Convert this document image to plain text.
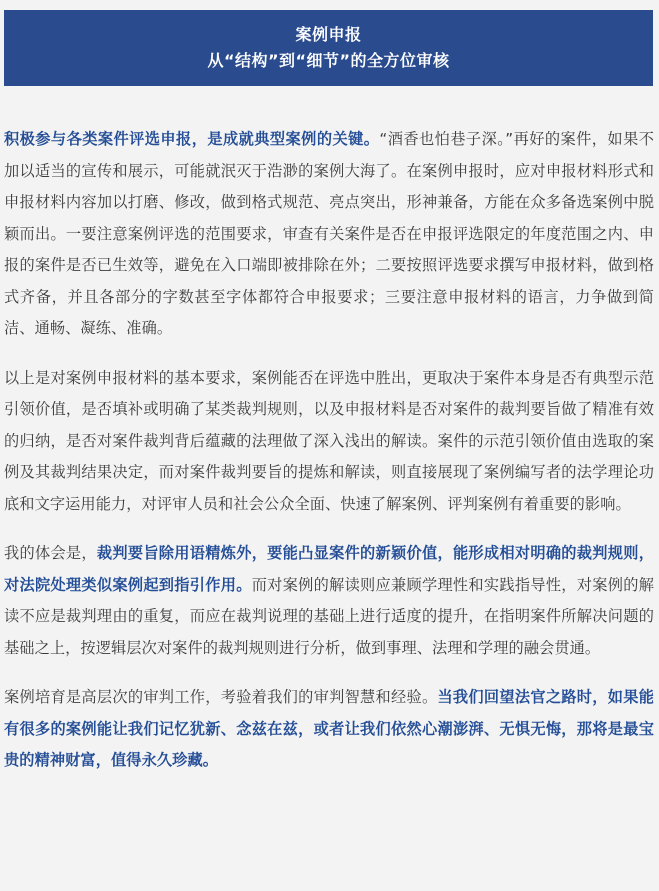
案例申报
从“结构”到“细节”的全方位审核

积极参与各类案件评选申报，是成就典型案例的关键。“酒香也怕巷子深。”再好的案件，如果不加以适当的宣传和展示，可能就泯灭于浩渺的案例大海了。在案例申报时，应对申报材料形式和申报材料内容加以打磨、修改，做到格式规范、亮点突出，形神兼备，方能在众多备选案例中脱颖而出。一要注意案例评选的范围要求，审查有关案件是否在申报评选限定的年度范围之内、申报的案件是否已生效等，避免在入口端即被排除在外；二要按照评选要求撰写申报材料，做到格式齐备，并且各部分的字数甚至字体都符合申报要求；三要注意申报材料的语言，力争做到简洁、通畅、凝练、准确。

以上是对案例申报材料的基本要求，案例能否在评选中胜出，更取决于案件本身是否有典型示范引领价值，是否填补或明确了某类裁判规则，以及申报材料是否对案件的裁判要旨做了精准有效的归纳，是否对案件裁判背后蕴藏的法理做了深入浅出的解读。案件的示范引领价值由选取的案例及其裁判结果决定，而对案件裁判要旨的提炼和解读，则直接展现了案例编写者的法学理论功底和文字运用能力，对评审人员和社会公众全面、快速了解案例、评判案例有着重要的影响。

我的体会是，裁判要旨除用语精炼外，要能凸显案件的新颖价值，能形成相对明确的裁判规则，对法院处理类似案例起到指引作用。而对案例的解读则应兼顾学理性和实践指导性，对案例的解读不应是裁判理由的重复，而应在裁判说理的基础上进行适度的提升，在指明案件所解决问题的基础之上，按逻辑层次对案件的裁判规则进行分析，做到事理、法理和学理的融会贯通。

案例培育是高层次的审判工作，考验着我们的审判智慧和经验。当我们回望法官之路时，如果能有很多的案例能让我们记忆犹新、念兹在兹，或者让我们依然心潮澎湃、无惧无悔，那将是最宝贵的精神财富，值得永久珍藏。
